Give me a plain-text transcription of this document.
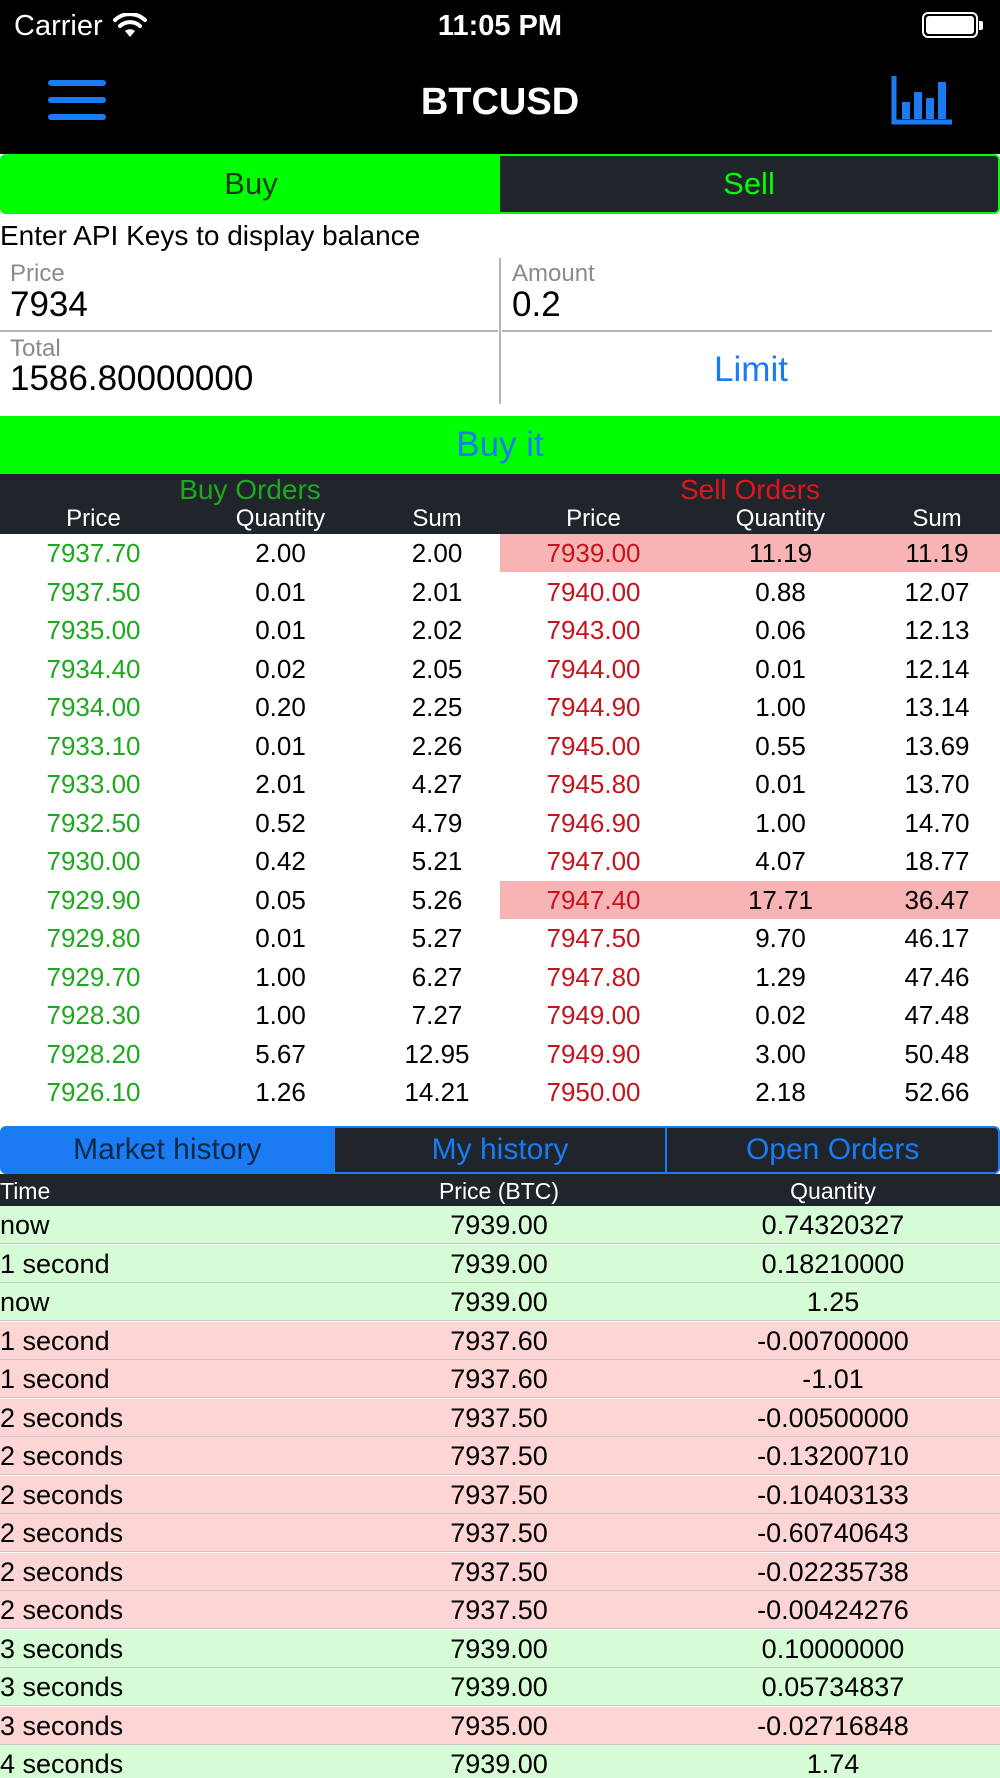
Carrier	11:05 PM
BTCUSD
Buy	Sell
Enter API Keys to display balance
Price
7934	Amount
0.2
Total
1586.80000000
Limit
Buy it
Buy Orders	Sell Orders
Price	Quantity	Sum	Price	Quantity	Sum
7937.70	2.00	2.00	7939.00	11.19	11.19
7937.50	0.01	2.01	7940.00	0.88	12.07
7935.00	0.01	2.02	7943.00	0.06	12.13
7934.40	0.02	2.05	7944.00	0.01	12.14
7934.00	0.20	2.25	7944.90	1.00	13.14
7933.10	0.01	2.26	7945.00	0.55	13.69
7933.00	2.01	4.27	7945.80	0.01	13.70
7932.50	0.52	4.79	7946.90	1.00	14.70
7930.00	0.42	5.21	7947.00	4.07	18.77
7929.90	0.05	5.26	7947.40	17.71	36.47
7929.80	0.01	5.27	7947.50	9.70	46.17
7929.70	1.00	6.27	7947.80	1.29	47.46
7928.30	1.00	7.27	7949.00	0.02	47.48
7928.20	5.67	12.95	7949.90	3.00	50.48
7926.10	1.26	14.21	7950.00	2.18	52.66
Market history	My history	Open Orders
Time	Price (BTC)	Quantity
now	7939.00	0.74320327
1 second	7939.00	0.18210000
now	7939.00	1.25
1 second	7937.60	-0.00700000
1 second	7937.60	-1.01
2 seconds	7937.50	-0.00500000
2 seconds	7937.50	-0.13200710
2 seconds	7937.50	-0.10403133
2 seconds	7937.50	-0.60740643
2 seconds	7937.50	-0.02235738
2 seconds	7937.50	-0.00424276
3 seconds	7939.00	0.10000000
3 seconds	7939.00	0.05734837
3 seconds	7935.00	-0.02716848
4 seconds	7939.00	1.74
